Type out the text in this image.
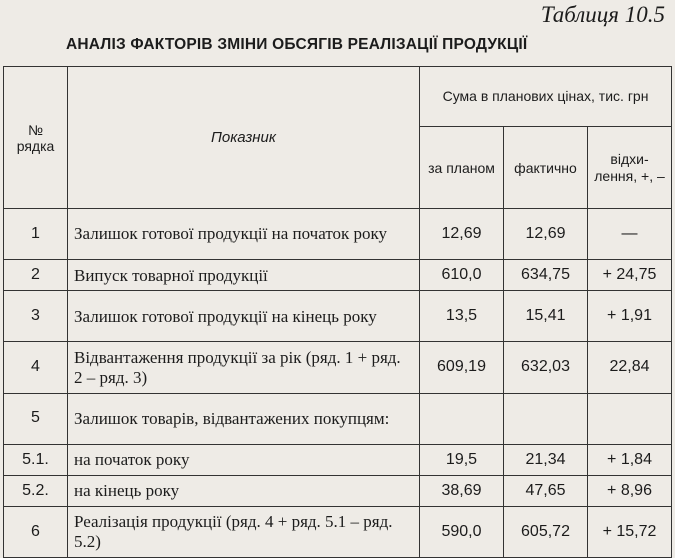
Таблиця 10.5
АНАЛІЗ ФАКТОРІВ ЗМІНИ ОБСЯГІВ РЕАЛІЗАЦІЇ ПРОДУКЦІЇ
№ рядка	Показник	Сума в планових цінах, тис. грн		
		за планом	фактично	відхи-лення, +, –
1	Залишок готової продукції на початок року	12,69	12,69	—
2	Випуск товарної продукції	610,0	634,75	+ 24,75
3	Залишок готової продукції на кінець року	13,5	15,41	+ 1,91
4	Відвантаження продукції за рік (ряд. 1 + ряд. 2 – ряд. 3)	609,19	632,03	22,84
5	Залишок товарів, відвантажених покупцям:			
5.1.	на початок року	19,5	21,34	+ 1,84
5.2.	на кінець року	38,69	47,65	+ 8,96
6	Реалізація продукції (ряд. 4 + ряд. 5.1 – ряд. 5.2)	590,0	605,72	+ 15,72
